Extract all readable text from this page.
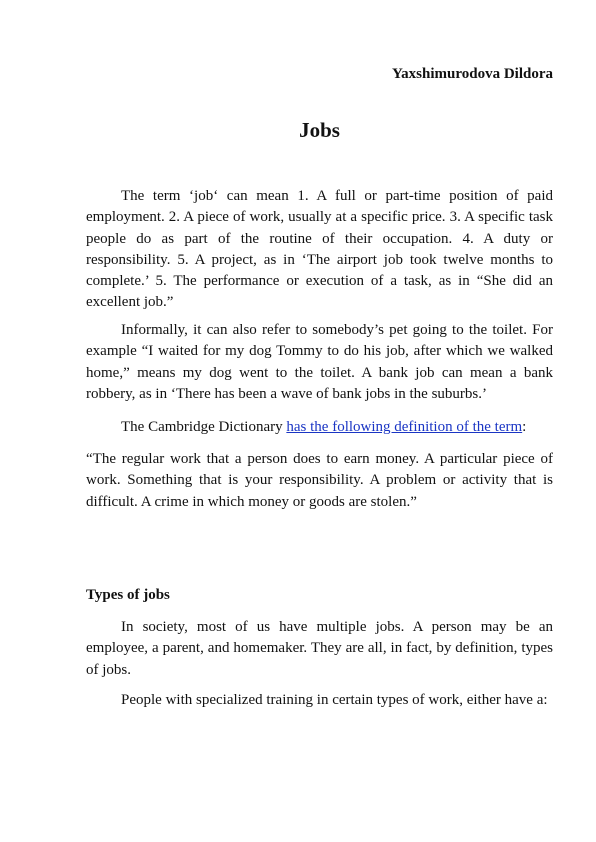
Yaxshimurodova Dildora
Jobs

The term ‘job‘ can mean 1. A full or part-time position of paid employment. 2. A piece of work, usually at a specific price. 3. A specific task people do as part of the routine of their occupation. 4. A duty or responsibility. 5. A project, as in ‘The airport job took twelve months to complete.’ 5. The performance or execution of a task, as in “She did an excellent job.”

Informally, it can also refer to somebody’s pet going to the toilet. For example “I waited for my dog Tommy to do his job, after which we walked home,” means my dog went to the toilet. A bank job can mean a bank robbery, as in ‘There has been a wave of bank jobs in the suburbs.’

The Cambridge Dictionary has the following definition of the term:

“The regular work that a person does to earn money. A particular piece of work. Something that is your responsibility. A problem or activity that is difficult. A crime in which money or goods are stolen.”

Types of jobs

In society, most of us have multiple jobs. A person may be an employee, a parent, and homemaker. They are all, in fact, by definition, types of jobs.

People with specialized training in certain types of work, either have a:
